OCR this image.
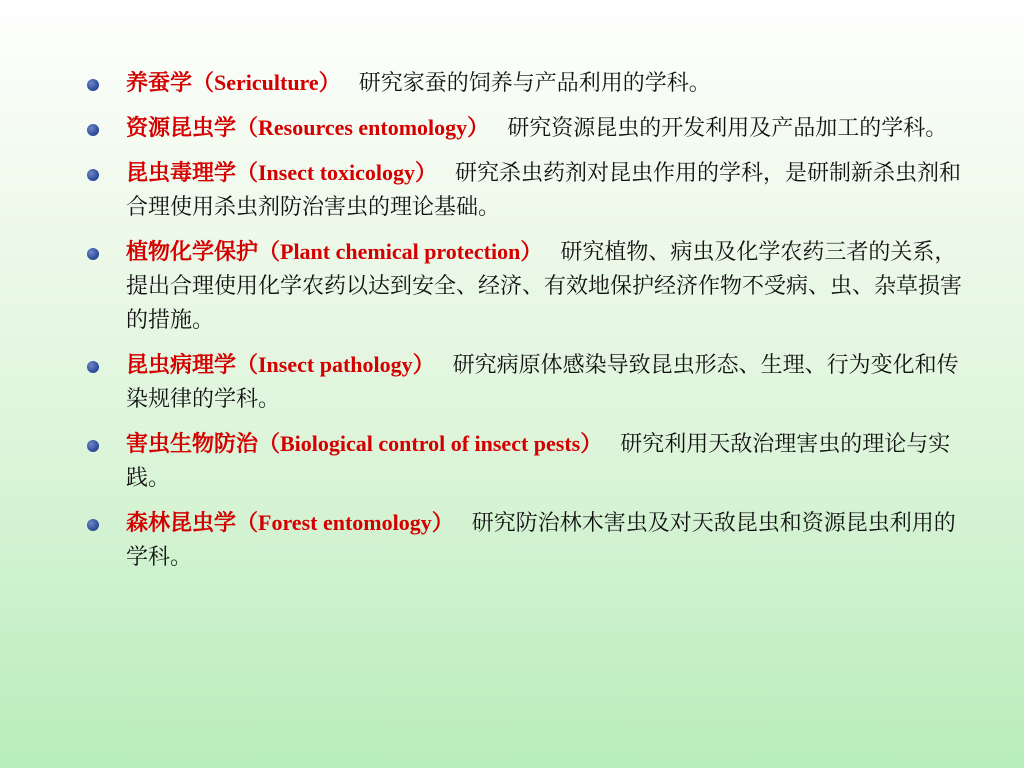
养蚕学（Sericulture） 研究家蚕的饲养与产品利用的学科。
资源昆虫学（Resources entomology） 研究资源昆虫的开发利用及产品加工的学科。
昆虫毒理学（Insect toxicology） 研究杀虫药剂对昆虫作用的学科，是研制新杀虫剂和合理使用杀虫剂防治害虫的理论基础。
植物化学保护（Plant chemical protection） 研究植物、病虫及化学农药三者的关系，提出合理使用化学农药以达到安全、经济、有效地保护经济作物不受病、虫、杂草损害的措施。
昆虫病理学（Insect pathology） 研究病原体感染导致昆虫形态、生理、行为变化和传染规律的学科。
害虫生物防治（Biological control of insect pests） 研究利用天敌治理害虫的理论与实践。
森林昆虫学（Forest entomology） 研究防治林木害虫及对天敌昆虫和资源昆虫利用的学科。
